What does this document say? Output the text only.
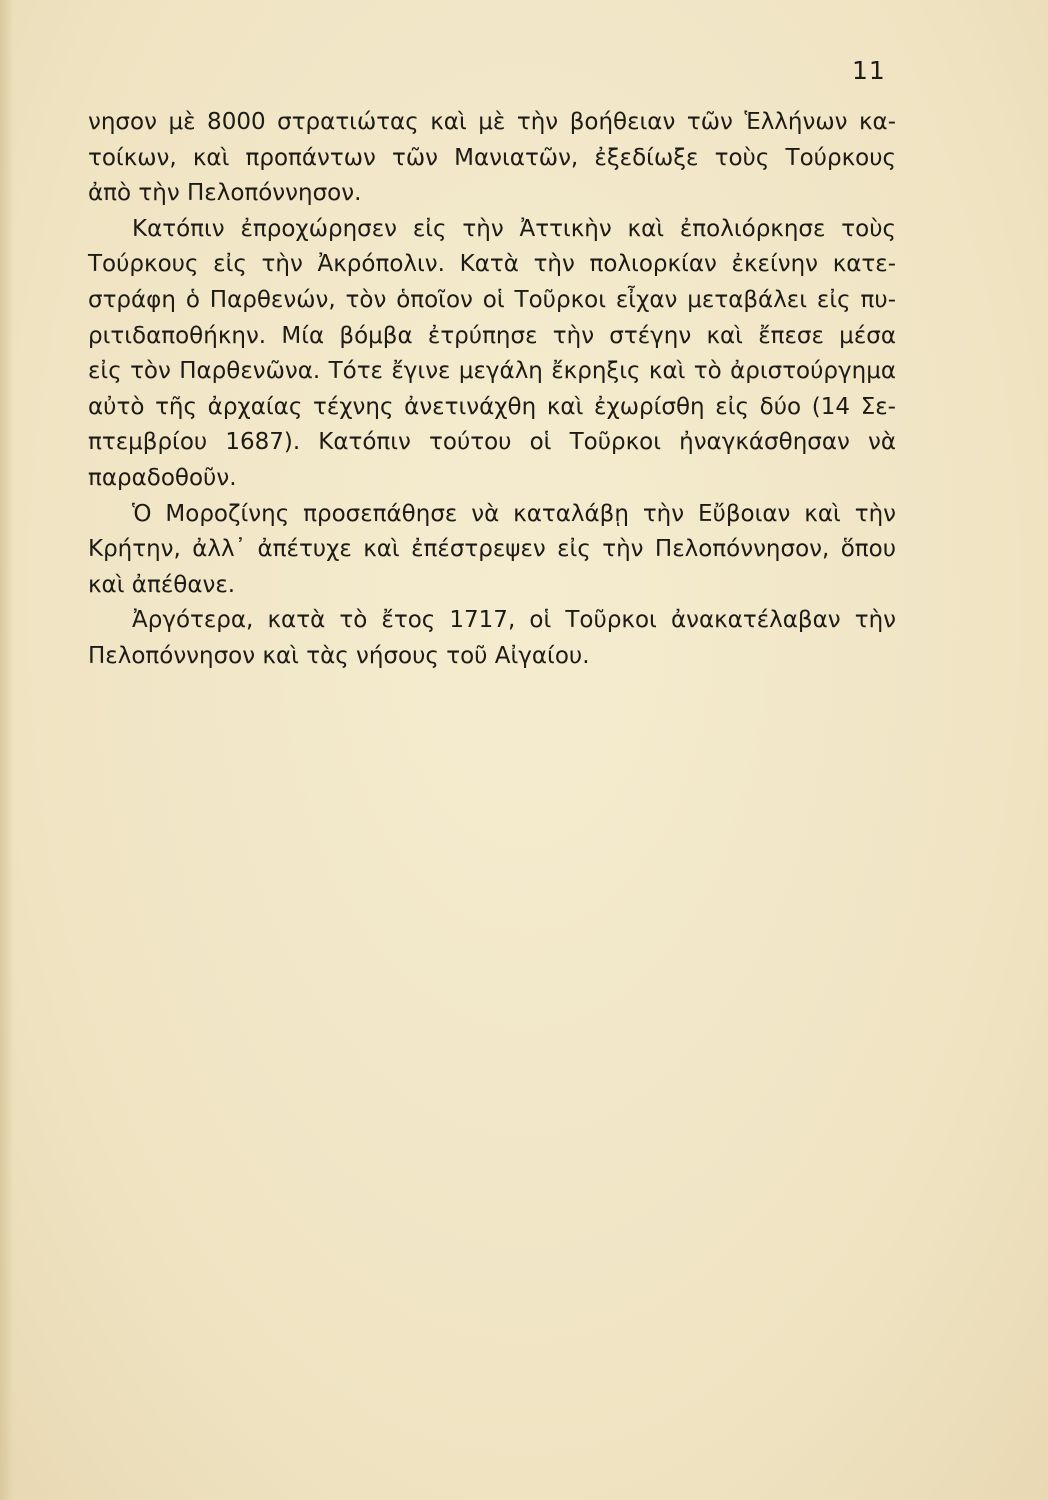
11
νησον μὲ 8000 στρατιώτας καὶ μὲ τὴν βοήθειαν τῶν Ἑλλήνων κα-
τοίκων, καὶ προπάντων τῶν Μανιατῶν, ἐξεδίωξε τοὺς Τούρκους
ἀπὸ τὴν Πελοπόννησον.
Κατόπιν ἐπροχώρησεν εἰς τὴν Ἀττικὴν καὶ ἐπολιόρκησε τοὺς
Τούρκους εἰς τὴν Ἀκρόπολιν. Κατὰ τὴν πολιορκίαν ἐκείνην κατε-
στράφη ὁ Παρθενών, τὸν ὁποῖον οἱ Τοῦρκοι εἶχαν μεταβάλει εἰς πυ-
ριτιδαποθήκην. Μία βόμβα ἐτρύπησε τὴν στέγην καὶ ἔπεσε μέσα
εἰς τὸν Παρθενῶνα. Τότε ἔγινε μεγάλη ἔκρηξις καὶ τὸ ἀριστούργημα
αὐτὸ τῆς ἀρχαίας τέχνης ἀνετινάχθη καὶ ἐχωρίσθη εἰς δύο (14 Σε-
πτεμβρίου 1687). Κατόπιν τούτου οἱ Τοῦρκοι ἠναγκάσθησαν νὰ
παραδοθοῦν.
Ὁ Μοροζίνης προσεπάθησε νὰ καταλάβῃ τὴν Εὔβοιαν καὶ τὴν
Κρήτην, ἀλλ᾿ ἀπέτυχε καὶ ἐπέστρεψεν εἰς τὴν Πελοπόννησον, ὅπου
καὶ ἀπέθανε.
Ἀργότερα, κατὰ τὸ ἔτος 1717, οἱ Τοῦρκοι ἀνακατέλαβαν τὴν
Πελοπόννησον καὶ τὰς νήσους τοῦ Αἰγαίου.
